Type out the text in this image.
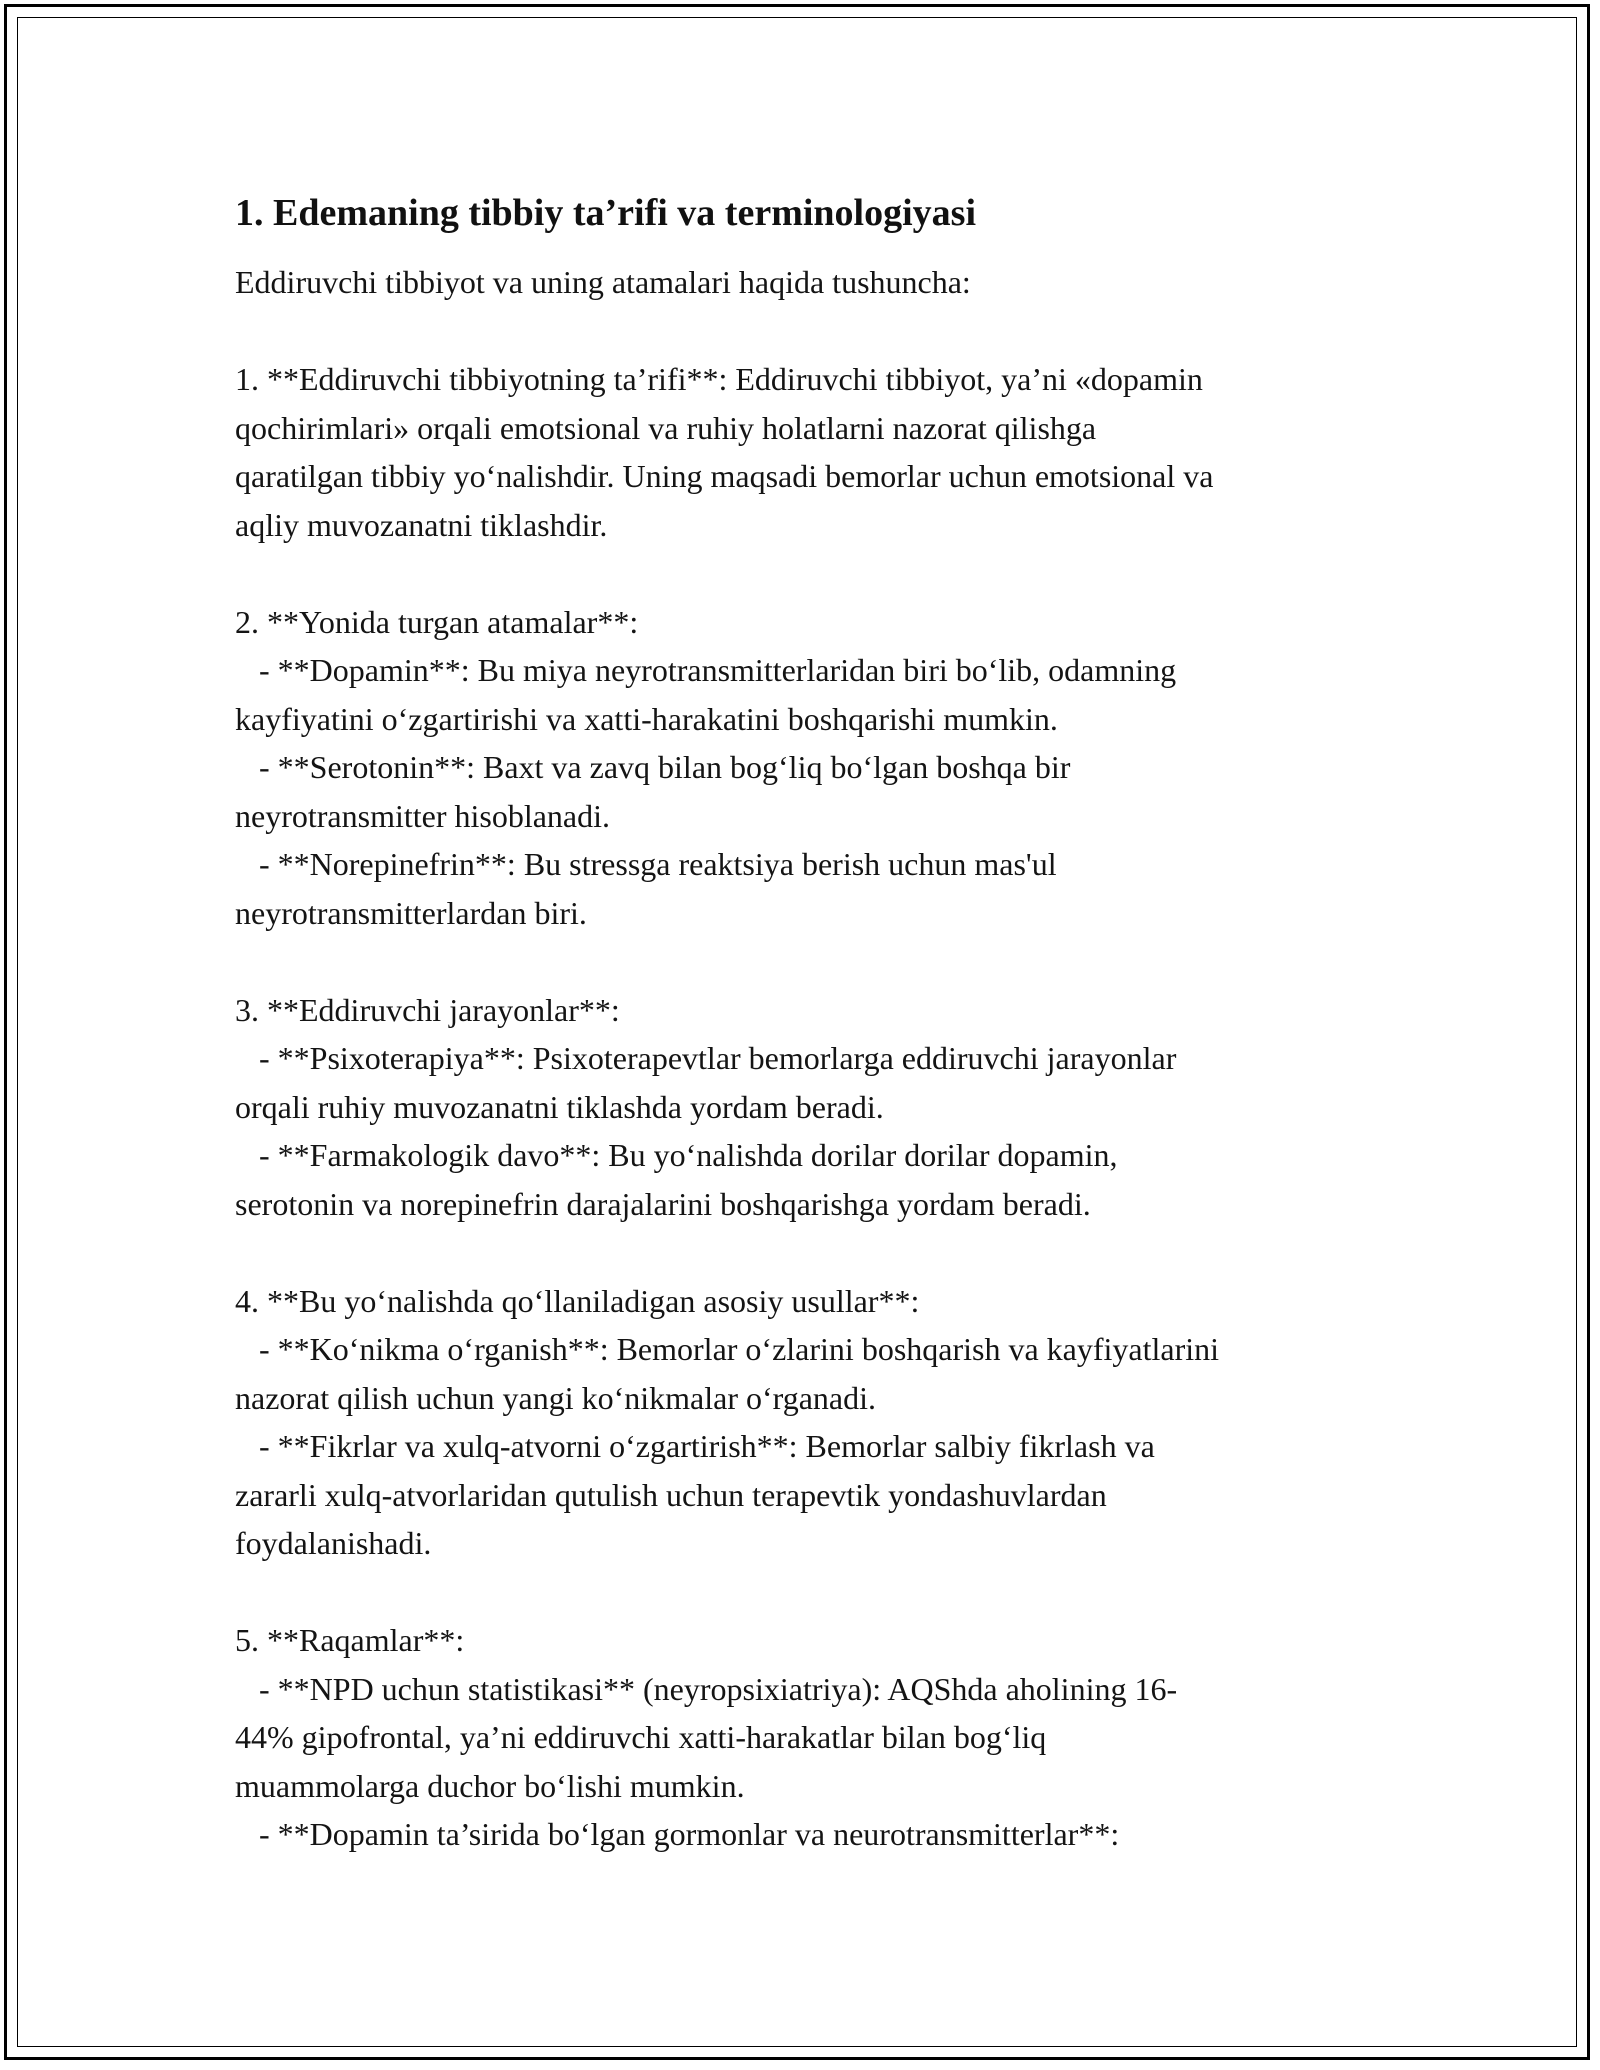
1. Edemaning tibbiy ta’rifi va terminologiyasi

Eddiruvchi tibbiyot va uning atamalari haqida tushuncha:

1. **Eddiruvchi tibbiyotning ta’rifi**: Eddiruvchi tibbiyot, ya’ni «dopamin

qochirimlari» orqali emotsional va ruhiy holatlarni nazorat qilishga

qaratilgan tibbiy yo‘nalishdir. Uning maqsadi bemorlar uchun emotsional va

aqliy muvozanatni tiklashdir.

2. **Yonida turgan atamalar**:

- **Dopamin**: Bu miya neyrotransmitterlaridan biri bo‘lib, odamning

kayfiyatini o‘zgartirishi va xatti-harakatini boshqarishi mumkin.

- **Serotonin**: Baxt va zavq bilan bog‘liq bo‘lgan boshqa bir

neyrotransmitter hisoblanadi.

- **Norepinefrin**: Bu stressga reaktsiya berish uchun mas'ul

neyrotransmitterlardan biri.

3. **Eddiruvchi jarayonlar**:

- **Psixoterapiya**: Psixoterapevtlar bemorlarga eddiruvchi jarayonlar

orqali ruhiy muvozanatni tiklashda yordam beradi.

- **Farmakologik davo**: Bu yo‘nalishda dorilar dorilar dopamin,

serotonin va norepinefrin darajalarini boshqarishga yordam beradi.

4. **Bu yo‘nalishda qo‘llaniladigan asosiy usullar**:

- **Ko‘nikma o‘rganish**: Bemorlar o‘zlarini boshqarish va kayfiyatlarini

nazorat qilish uchun yangi ko‘nikmalar o‘rganadi.

- **Fikrlar va xulq-atvorni o‘zgartirish**: Bemorlar salbiy fikrlash va

zararli xulq-atvorlaridan qutulish uchun terapevtik yondashuvlardan

foydalanishadi.

5. **Raqamlar**:

- **NPD uchun statistikasi** (neyropsixiatriya): AQShda aholining 16-

44% gipofrontal, ya’ni eddiruvchi xatti-harakatlar bilan bog‘liq

muammolarga duchor bo‘lishi mumkin.

- **Dopamin ta’sirida bo‘lgan gormonlar va neurotransmitterlar**:
